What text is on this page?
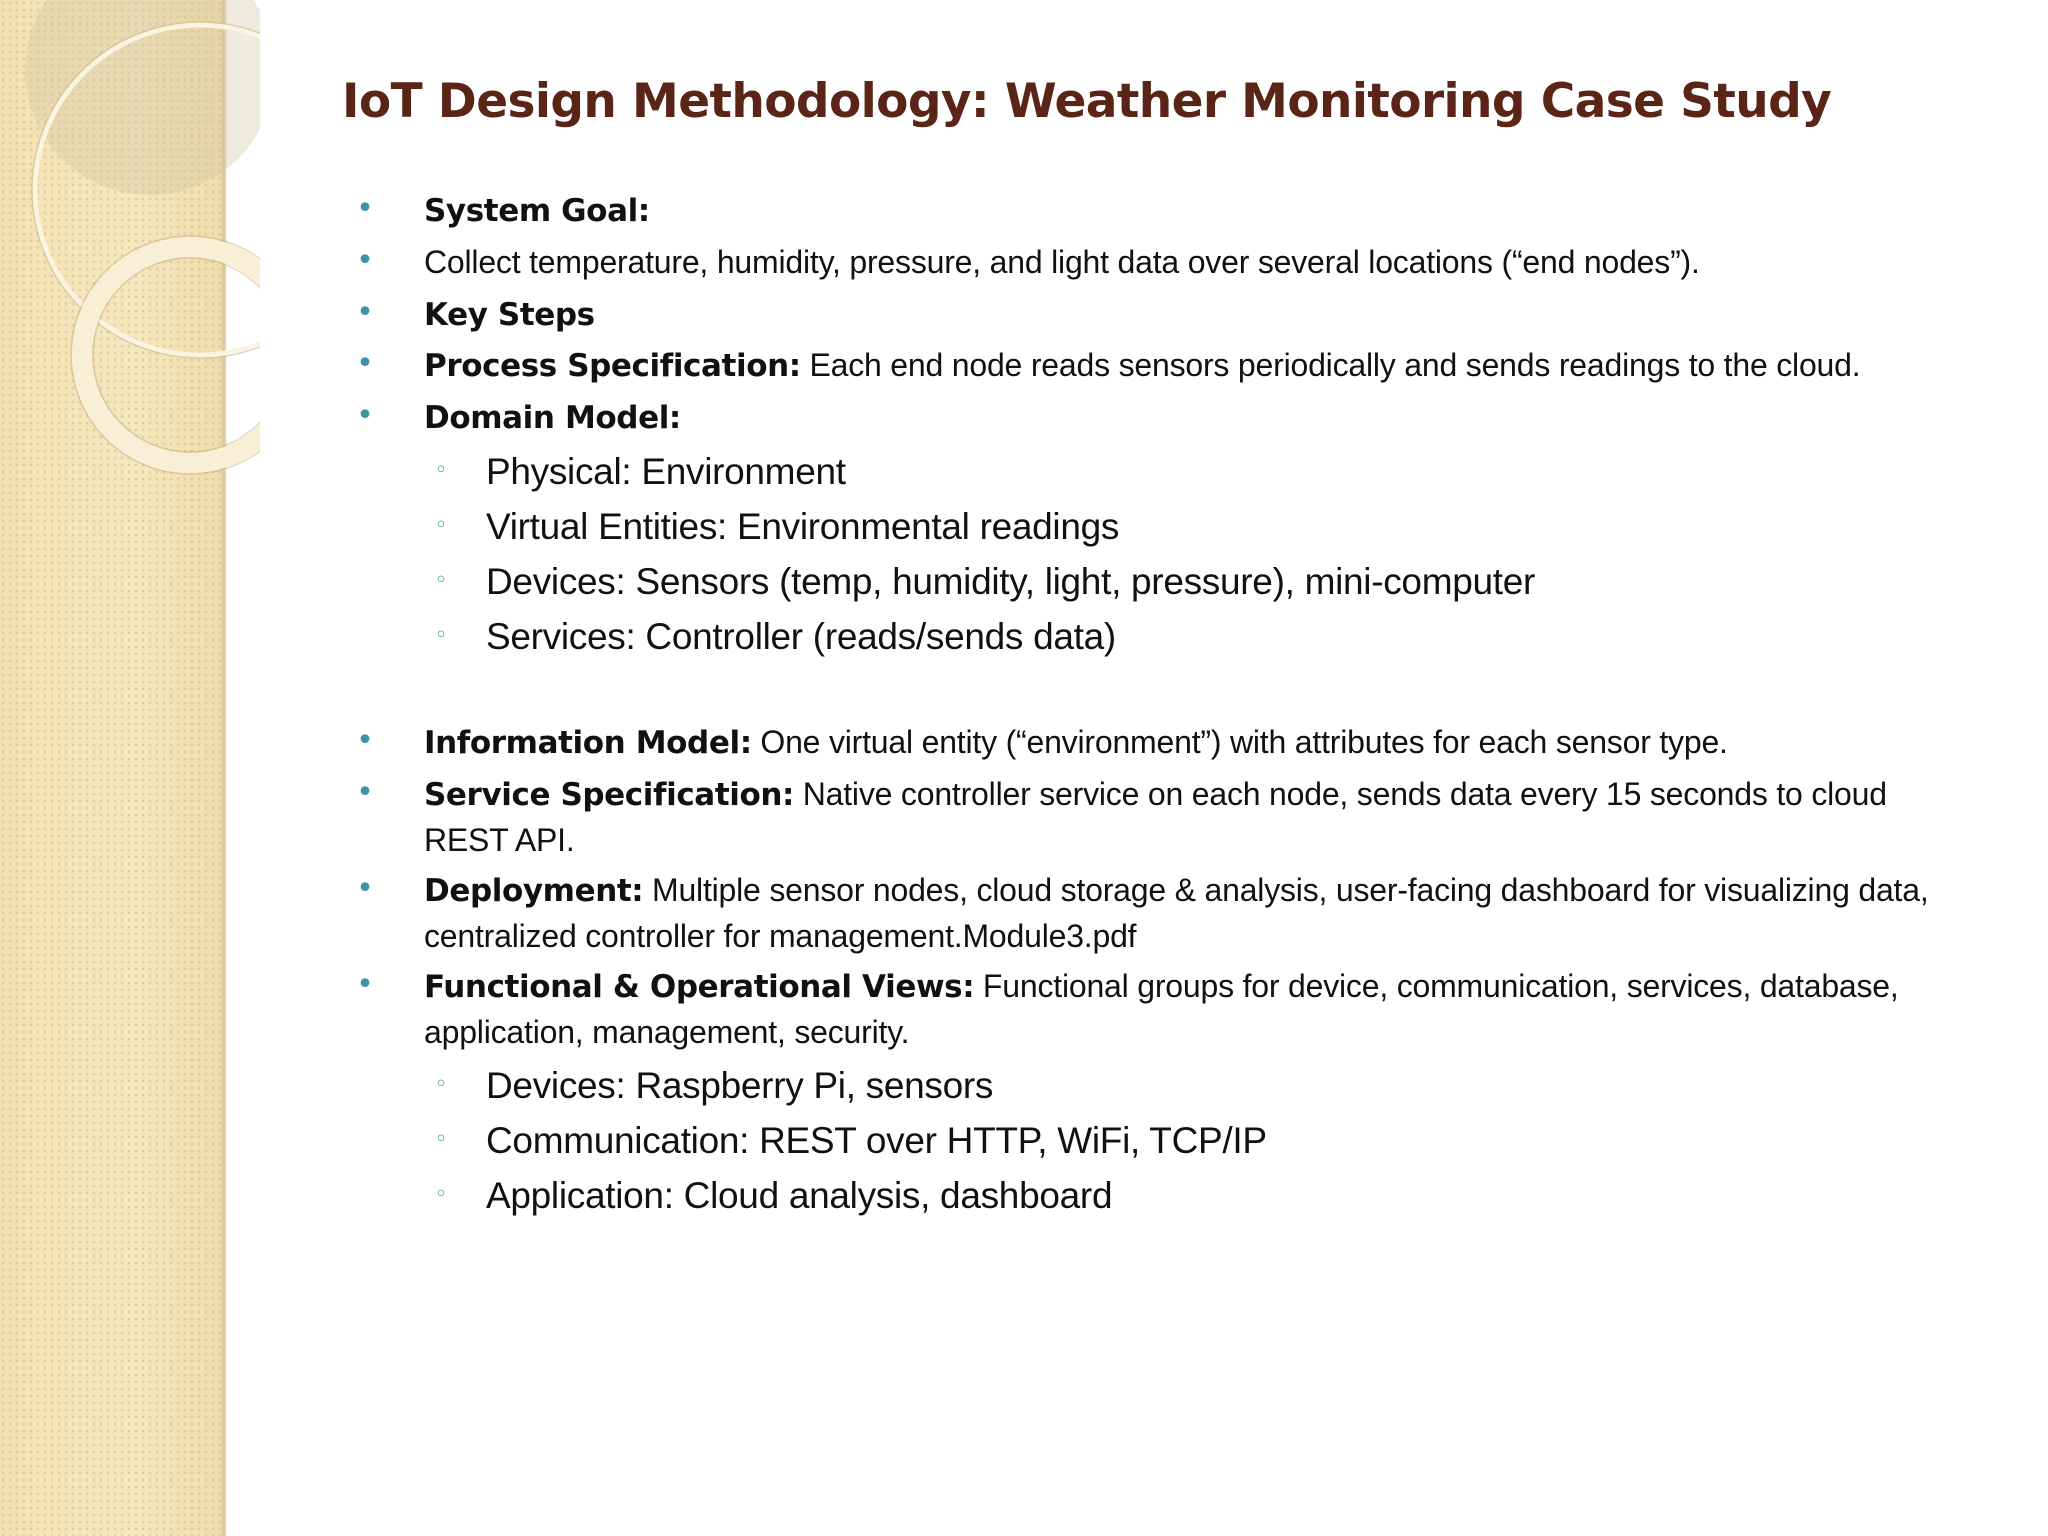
IoT Design Methodology: Weather Monitoring Case Study
• System Goal:
• Collect temperature, humidity, pressure, and light data over several locations (“end nodes”).
• Key Steps
• Process Specification: Each end node reads sensors periodically and sends readings to the cloud.
• Domain Model:
◦ Physical: Environment
◦ Virtual Entities: Environmental readings
◦ Devices: Sensors (temp, humidity, light, pressure), mini-computer
◦ Services: Controller (reads/sends data)
• Information Model: One virtual entity (“environment”) with attributes for each sensor type.
• Service Specification: Native controller service on each node, sends data every 15 seconds to cloud REST API.
• Deployment: Multiple sensor nodes, cloud storage & analysis, user-facing dashboard for visualizing data, centralized controller for management.Module3.pdf
• Functional & Operational Views: Functional groups for device, communication, services, database, application, management, security.
◦ Devices: Raspberry Pi, sensors
◦ Communication: REST over HTTP, WiFi, TCP/IP
◦ Application: Cloud analysis, dashboard
